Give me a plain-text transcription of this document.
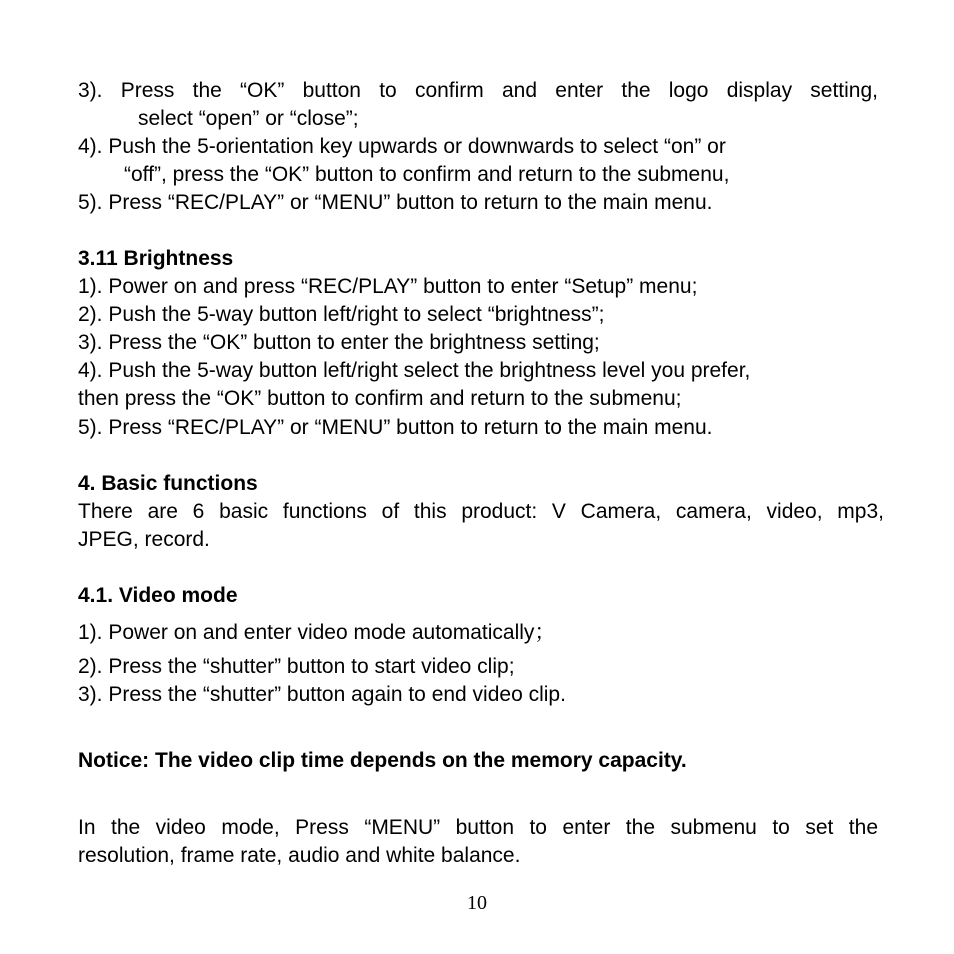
3). Press the “OK” button to confirm and enter the logo display setting,
select “open” or “close”;
4). Push the 5-orientation key upwards or downwards to select “on” or
“off”, press the “OK” button to confirm and return to the submenu,
5). Press “REC/PLAY” or “MENU” button to return to the main menu.
3.11 Brightness
1). Power on and press “REC/PLAY” button to enter “Setup” menu;
2). Push the 5-way button left/right to select “brightness”;
3). Press the “OK” button to enter the brightness setting;
4). Push the 5-way button left/right select the brightness level you prefer,
then press the “OK” button to confirm and return to the submenu;
5). Press “REC/PLAY” or “MENU” button to return to the main menu.
4. Basic functions
There are 6 basic functions of this product: V Camera, camera, video, mp3,
JPEG, record.
4.1. Video mode
1). Power on and enter video mode automatically；
2). Press the “shutter” button to start video clip;
3). Press the “shutter” button again to end video clip.
Notice: The video clip time depends on the memory capacity.
In the video mode, Press “MENU” button to enter the submenu to set the
resolution, frame rate, audio and white balance.
10
